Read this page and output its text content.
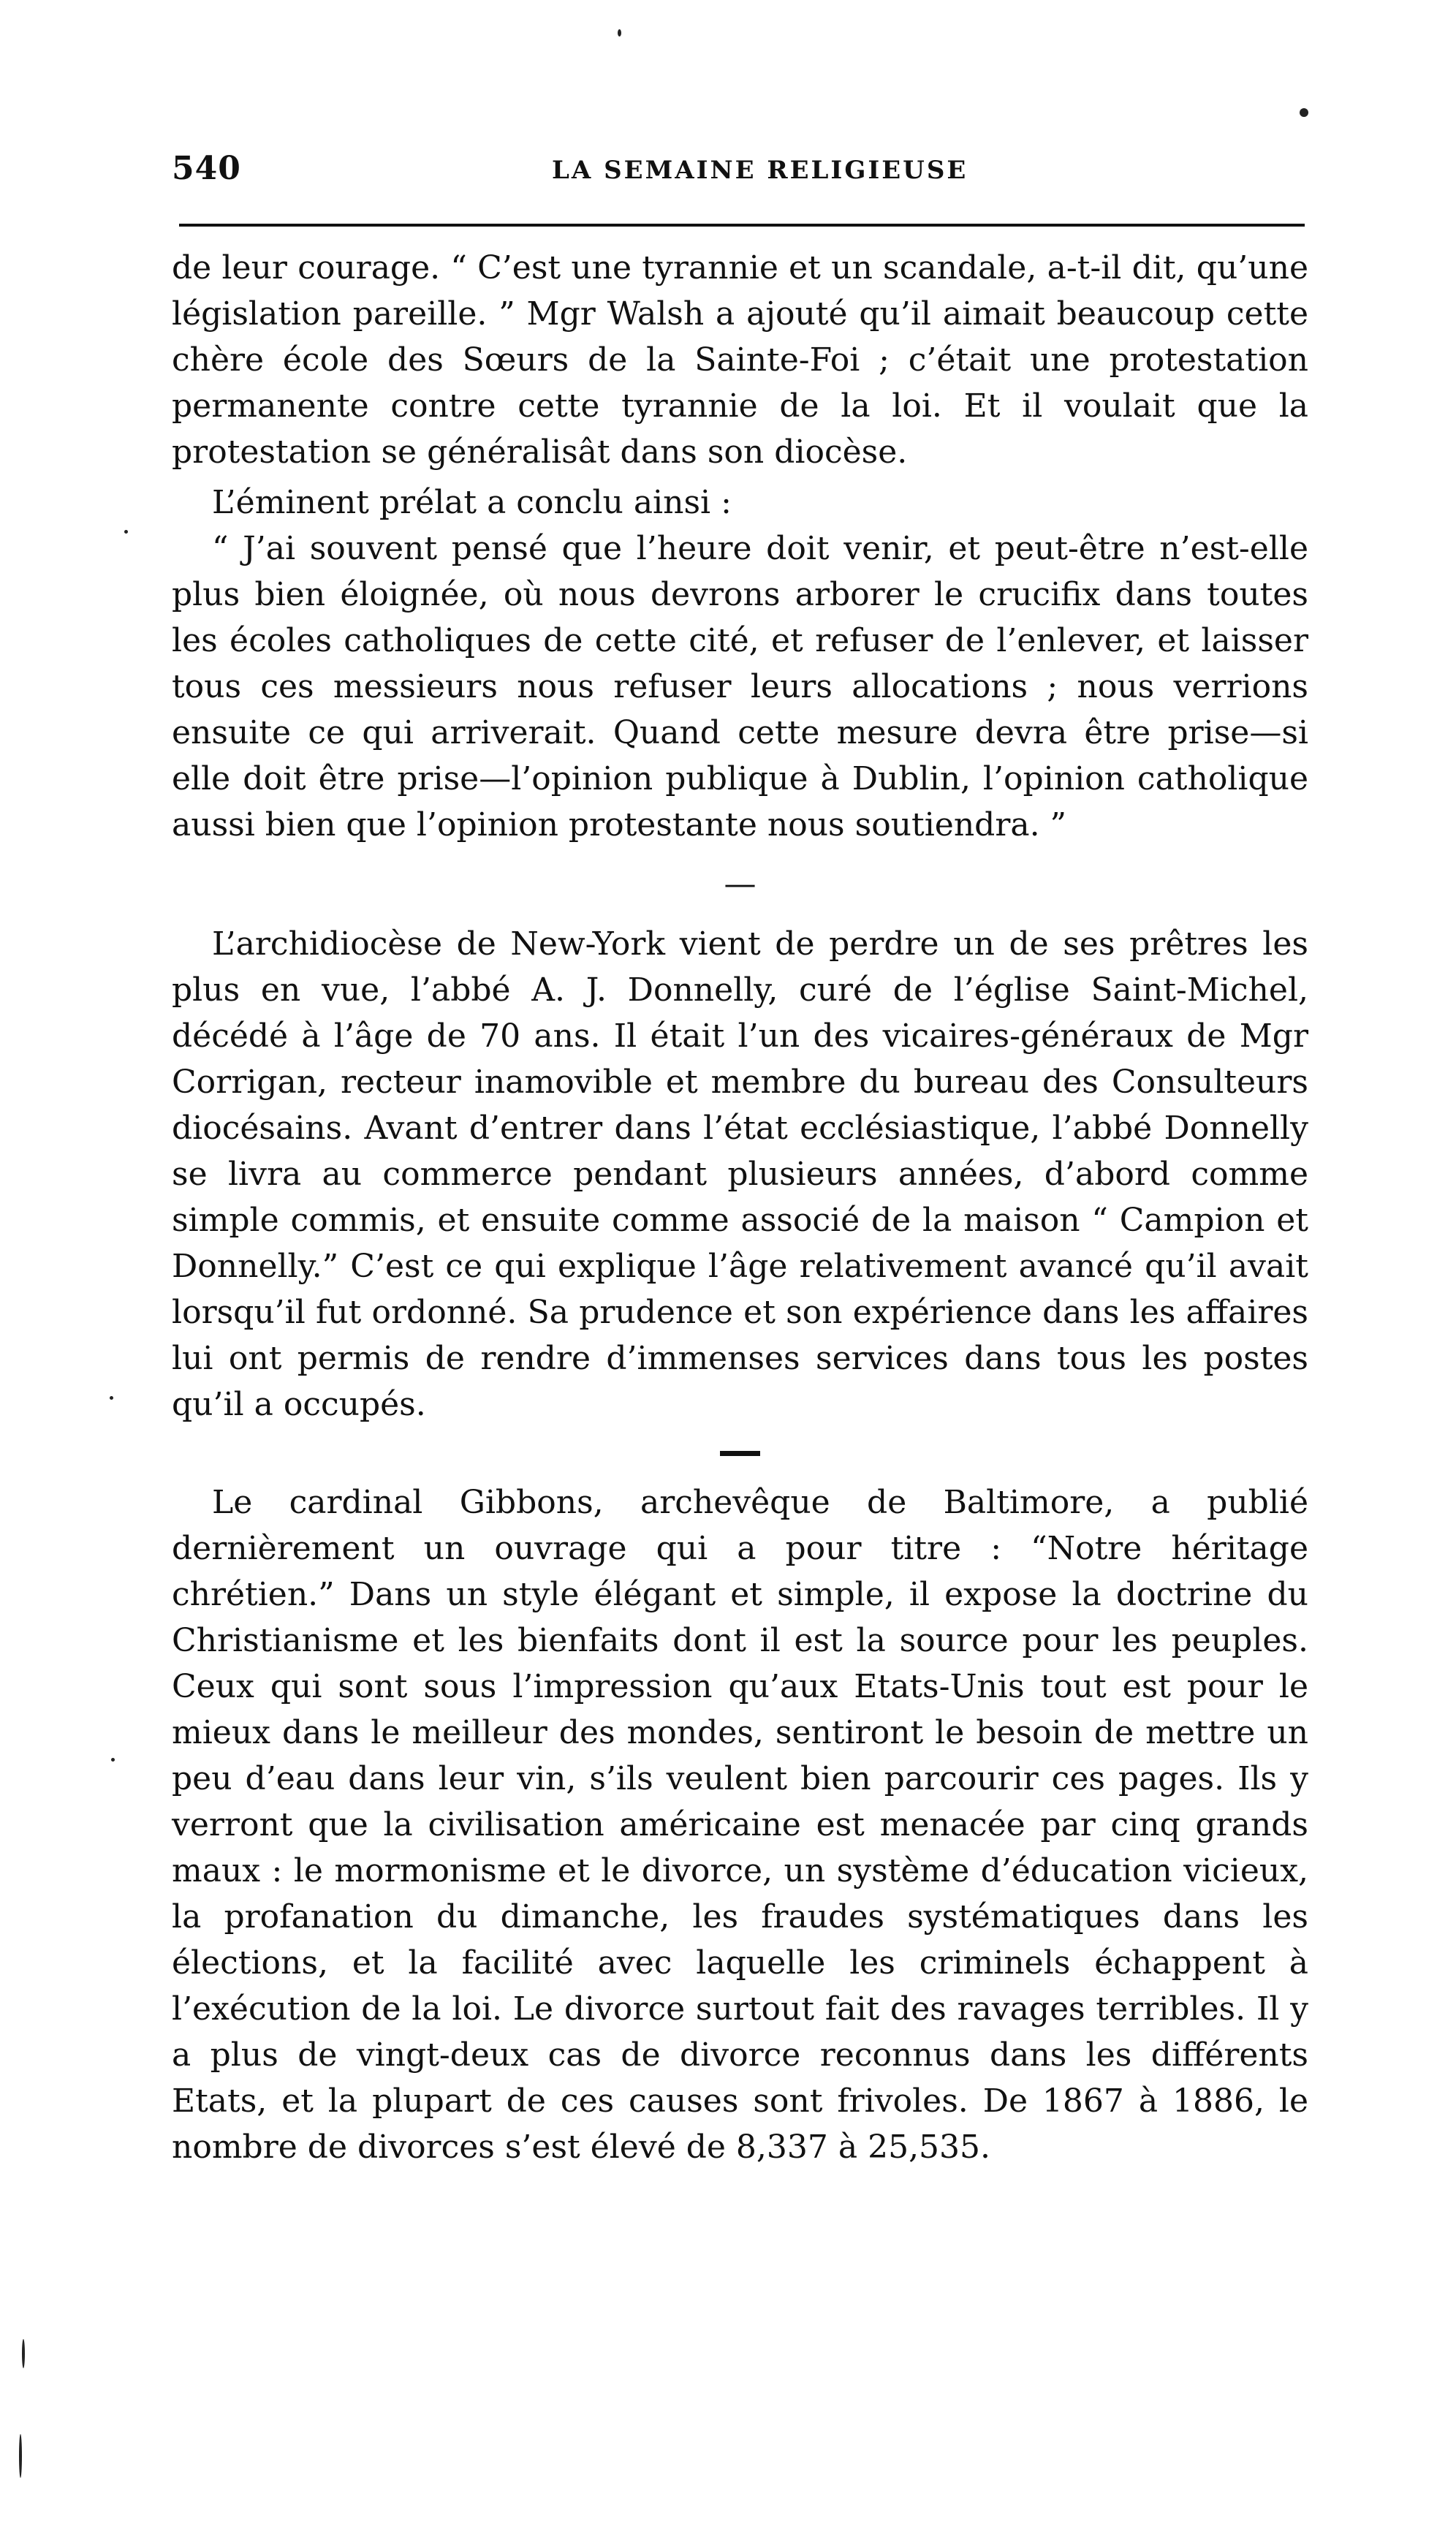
540	LA SEMAINE RELIGIEUSE

de leur courage. “ C’est une tyrannie et un scandale, a-t-il dit, qu’une législation pareille. ” Mgr Walsh a ajouté qu’il aimait beaucoup cette chère école des Sœurs de la Sainte-Foi ; c’était une protestation permanente contre cette tyrannie de la loi. Et il voulait que la protestation se généralisât dans son diocèse.

L’éminent prélat a conclu ainsi :

“ J’ai souvent pensé que l’heure doit venir, et peut-être n’est-elle plus bien éloignée, où nous devrons arborer le crucifix dans toutes les écoles catholiques de cette cité, et refuser de l’enlever, et laisser tous ces messieurs nous refuser leurs allocations ; nous verrions ensuite ce qui arriverait. Quand cette mesure devra être prise—si elle doit être prise—l’opinion publique à Dublin, l’opinion catholique aussi bien que l’opinion protestante nous soutiendra. ”

—

L’archidiocèse de New-York vient de perdre un de ses prêtres les plus en vue, l’abbé A. J. Donnelly, curé de l’église Saint-Michel, décédé à l’âge de 70 ans. Il était l’un des vicaires-généraux de Mgr Corrigan, recteur inamovible et membre du bureau des Consulteurs diocésains. Avant d’entrer dans l’état ecclésiastique, l’abbé Donnelly se livra au commerce pendant plusieurs années, d’abord comme simple commis, et ensuite comme associé de la maison “ Campion et Donnelly.” C’est ce qui explique l’âge relativement avancé qu’il avait lorsqu’il fut ordonné. Sa prudence et son expérience dans les affaires lui ont permis de rendre d’immenses services dans tous les postes qu’il a occupés.

Le cardinal Gibbons, archevêque de Baltimore, a publié dernièrement un ouvrage qui a pour titre : “Notre héritage chrétien.” Dans un style élégant et simple, il expose la doctrine du Christianisme et les bienfaits dont il est la source pour les peuples. Ceux qui sont sous l’impression qu’aux Etats-Unis tout est pour le mieux dans le meilleur des mondes, sentiront le besoin de mettre un peu d’eau dans leur vin, s’ils veulent bien parcourir ces pages. Ils y verront que la civilisation américaine est menacée par cinq grands maux : le mormonisme et le divorce, un système d’éducation vicieux, la profanation du dimanche, les fraudes systématiques dans les élections, et la facilité avec laquelle les criminels échappent à l’exécution de la loi. Le divorce surtout fait des ravages terribles. Il y a plus de vingt-deux cas de divorce reconnus dans les différents Etats, et la plupart de ces causes sont frivoles. De 1867 à 1886, le nombre de divorces s’est élevé de 8,337 à 25,535.
